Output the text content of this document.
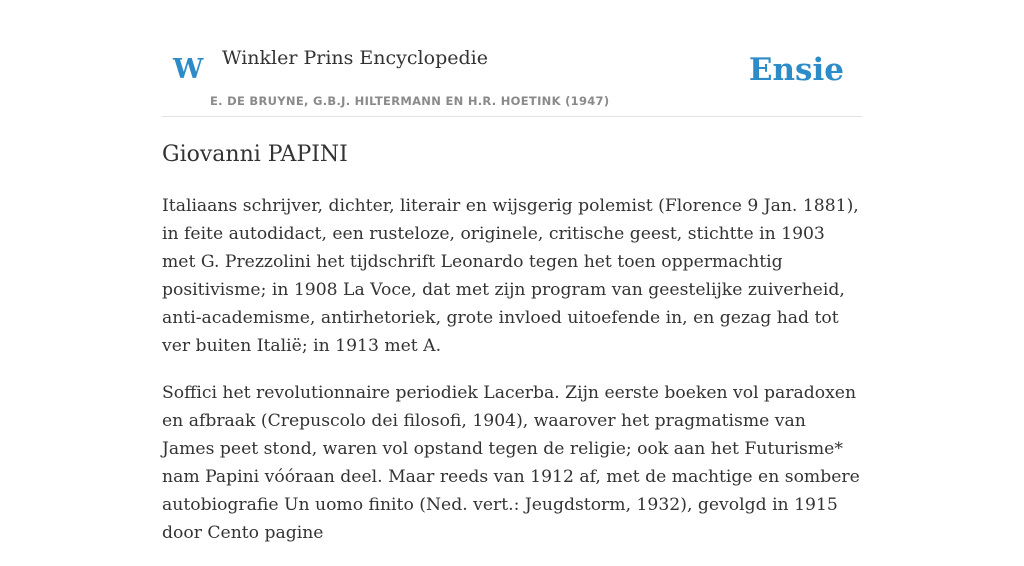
W Winkler Prins Encyclopedie
E. DE BRUYNE, G.B.J. HILTERMANN EN H.R. HOETINK (1947)
Ensie
Giovanni PAPINI

Italiaans schrijver, dichter, literair en wijsgerig polemist (Florence 9 Jan. 1881), in feite autodidact, een rusteloze, originele, critische geest, stichtte in 1903 met G. Prezzolini het tijdschrift Leonardo tegen het toen oppermachtig positivisme; in 1908 La Voce, dat met zijn program van geestelijke zuiverheid, anti-academisme, antirhetoriek, grote invloed uitoefende in, en gezag had tot ver buiten Italië; in 1913 met A.

Soffici het revolutionnaire periodiek Lacerba. Zijn eerste boeken vol paradoxen en afbraak (Crepuscolo dei filosofi, 1904), waarover het pragmatisme van James peet stond, waren vol opstand tegen de religie; ook aan het Futurisme* nam Papini vóóraan deel. Maar reeds van 1912 af, met de machtige en sombere autobiografie Un uomo finito (Ned. vert.: Jeugdstorm, 1932), gevolgd in 1915 door Cento pagine
